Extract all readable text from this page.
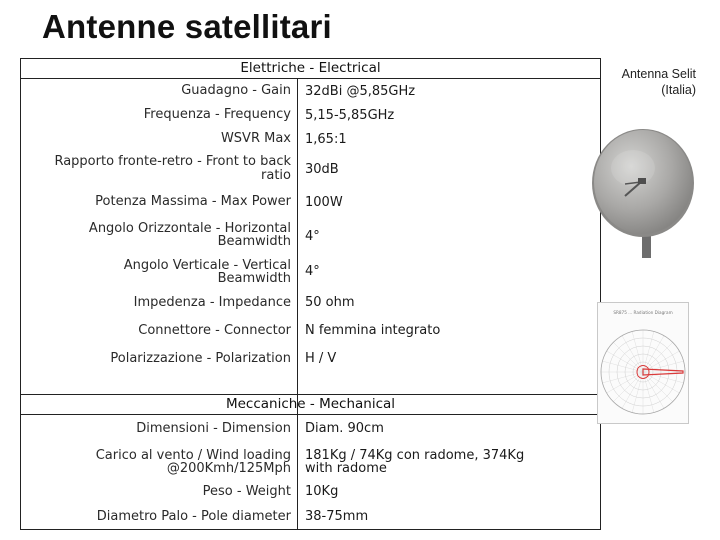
Antenne satellitari
Elettriche - Electrical
Guadagno - Gain 32dBi @5,85GHz
Frequenza - Frequency 5,15-5,85GHz
WSVR Max 1,65:1
Rapporto fronte-retro - Front to back
ratio 30dB
Potenza Massima - Max Power 100W
Angolo Orizzontale - Horizontal
Beamwidth 4°
Angolo Verticale - Vertical
Beamwidth 4°
Impedenza - Impedance 50 ohm
Connettore - Connector N femmina integrato
Polarizzazione - Polarization H / V
Meccaniche - Mechanical
Dimensioni - Dimension Diam. 90cm
Carico al vento / Wind loading
@200Kmh/125Mph
181Kg / 74Kg con radome, 374Kg
with radome
Peso - Weight 10Kg
Diametro Palo - Pole diameter 38-75mm
Antenna Selit
(Italia)
SR875 ... Radiation Diagram
